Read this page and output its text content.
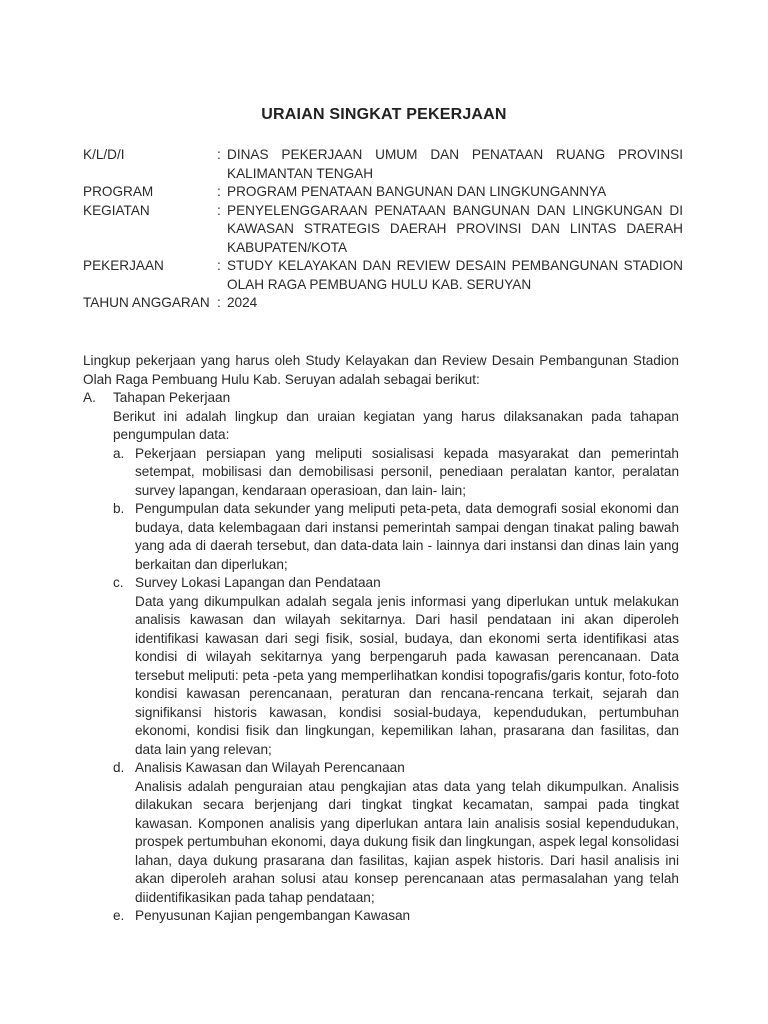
URAIAN SINGKAT PEKERJAAN
K/L/D/I	: DINAS PEKERJAAN UMUM DAN PENATAAN RUANG PROVINSI KALIMANTAN TENGAH
PROGRAM	: PROGRAM PENATAAN BANGUNAN DAN LINGKUNGANNYA
KEGIATAN	: PENYELENGGARAAN PENATAAN BANGUNAN DAN LINGKUNGAN DI KAWASAN STRATEGIS DAERAH PROVINSI DAN LINTAS DAERAH KABUPATEN/KOTA
PEKERJAAN	: STUDY KELAYAKAN DAN REVIEW DESAIN PEMBANGUNAN STADION OLAH RAGA PEMBUANG HULU KAB. SERUYAN
TAHUN ANGGARAN : 2024
Lingkup pekerjaan yang harus oleh Study Kelayakan dan Review Desain Pembangunan Stadion Olah Raga Pembuang Hulu Kab. Seruyan adalah sebagai berikut:
A.	Tahapan Pekerjaan
Berikut ini adalah lingkup dan uraian kegiatan yang harus dilaksanakan pada tahapan pengumpulan data:
a. Pekerjaan persiapan yang meliputi sosialisasi kepada masyarakat dan pemerintah setempat, mobilisasi dan demobilisasi personil, penediaan peralatan kantor, peralatan survey lapangan, kendaraan operasioan, dan lain- lain;
b. Pengumpulan data sekunder yang meliputi peta-peta, data demografi sosial ekonomi dan budaya, data kelembagaan dari instansi pemerintah sampai dengan tinakat paling bawah yang ada di daerah tersebut, dan data-data lain - lainnya dari instansi dan dinas lain yang berkaitan dan diperlukan;
c. Survey Lokasi Lapangan dan Pendataan
Data yang dikumpulkan adalah segala jenis informasi yang diperlukan untuk melakukan analisis kawasan dan wilayah sekitarnya. Dari hasil pendataan ini akan diperoleh identifikasi kawasan dari segi fisik, sosial, budaya, dan ekonomi serta identifikasi atas kondisi di wilayah sekitarnya yang berpengaruh pada kawasan perencanaan. Data tersebut meliputi: peta -peta yang memperlihatkan kondisi topografis/garis kontur, foto-foto kondisi kawasan perencanaan, peraturan dan rencana-rencana terkait, sejarah dan signifikansi historis kawasan, kondisi sosial-budaya, kependudukan, pertumbuhan ekonomi, kondisi fisik dan lingkungan, kepemilikan lahan, prasarana dan fasilitas, dan data lain yang relevan;
d. Analisis Kawasan dan Wilayah Perencanaan
Analisis adalah penguraian atau pengkajian atas data yang telah dikumpulkan. Analisis dilakukan secara berjenjang dari tingkat tingkat kecamatan, sampai pada tingkat kawasan. Komponen analisis yang diperlukan antara lain analisis sosial kependudukan, prospek pertumbuhan ekonomi, daya dukung fisik dan lingkungan, aspek legal konsolidasi lahan, daya dukung prasarana dan fasilitas, kajian aspek historis. Dari hasil analisis ini akan diperoleh arahan solusi atau konsep perencanaan atas permasalahan yang telah diidentifikasikan pada tahap pendataan;
e. Penyusunan Kajian pengembangan Kawasan
